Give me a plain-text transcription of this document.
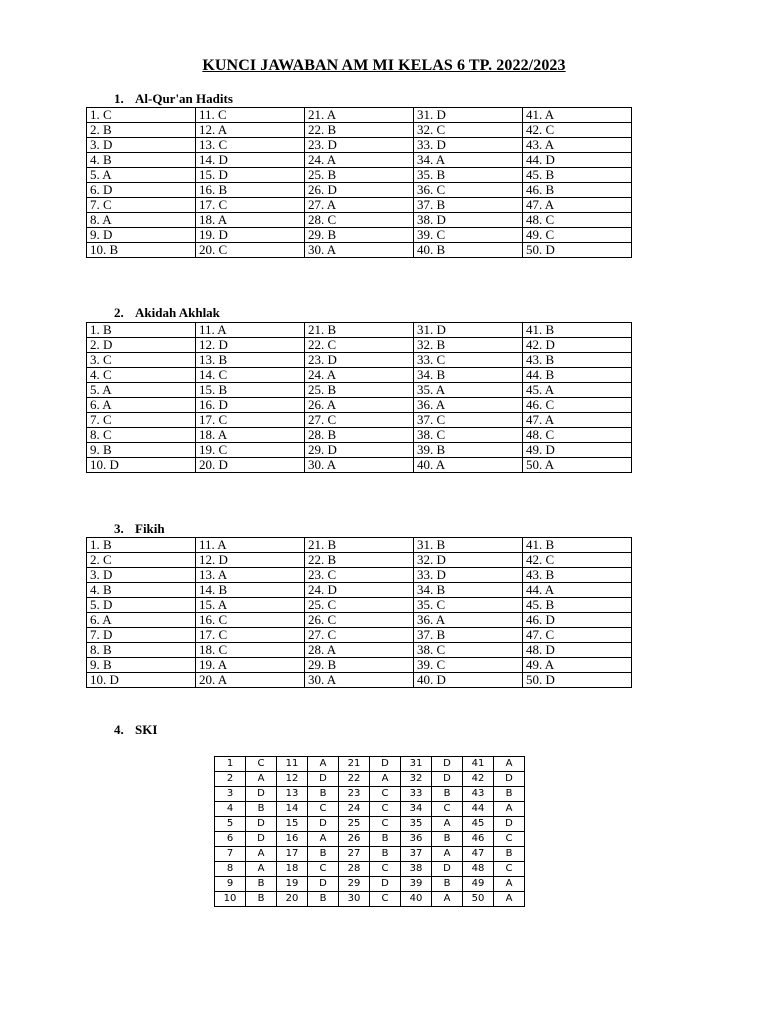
KUNCI JAWABAN AM MI KELAS 6 TP. 2022/2023
1. Al-Qur'an Hadits
1. C	11. C	21. A	31. D	41. A
2. B	12. A	22. B	32. C	42. C
3. D	13. C	23. D	33. D	43. A
4. B	14. D	24. A	34. A	44. D
5. A	15. D	25. B	35. B	45. B
6. D	16. B	26. D	36. C	46. B
7. C	17. C	27. A	37. B	47. A
8. A	18. A	28. C	38. D	48. C
9. D	19. D	29. B	39. C	49. C
10. B	20. C	30. A	40. B	50. D
2. Akidah Akhlak
1. B	11. A	21. B	31. D	41. B
2. D	12. D	22. C	32. B	42. D
3. C	13. B	23. D	33. C	43. B
4. C	14. C	24. A	34. B	44. B
5. A	15. B	25. B	35. A	45. A
6. A	16. D	26. A	36. A	46. C
7. C	17. C	27. C	37. C	47. A
8. C	18. A	28. B	38. C	48. C
9. B	19. C	29. D	39. B	49. D
10. D	20. D	30. A	40. A	50. A
3. Fikih
1. B	11. A	21. B	31. B	41. B
2. C	12. D	22. B	32. D	42. C
3. D	13. A	23. C	33. D	43. B
4. B	14. B	24. D	34. B	44. A
5. D	15. A	25. C	35. C	45. B
6. A	16. C	26. C	36. A	46. D
7. D	17. C	27. C	37. B	47. C
8. B	18. C	28. A	38. C	48. D
9. B	19. A	29. B	39. C	49. A
10. D	20. A	30. A	40. D	50. D
4. SKI
1	C	11	A	21	D	31	D	41	A
2	A	12	D	22	A	32	D	42	D
3	D	13	B	23	C	33	B	43	B
4	B	14	C	24	C	34	C	44	A
5	D	15	D	25	C	35	A	45	D
6	D	16	A	26	B	36	B	46	C
7	A	17	B	27	B	37	A	47	B
8	A	18	C	28	C	38	D	48	C
9	B	19	D	29	D	39	B	49	A
10	B	20	B	30	C	40	A	50	A
